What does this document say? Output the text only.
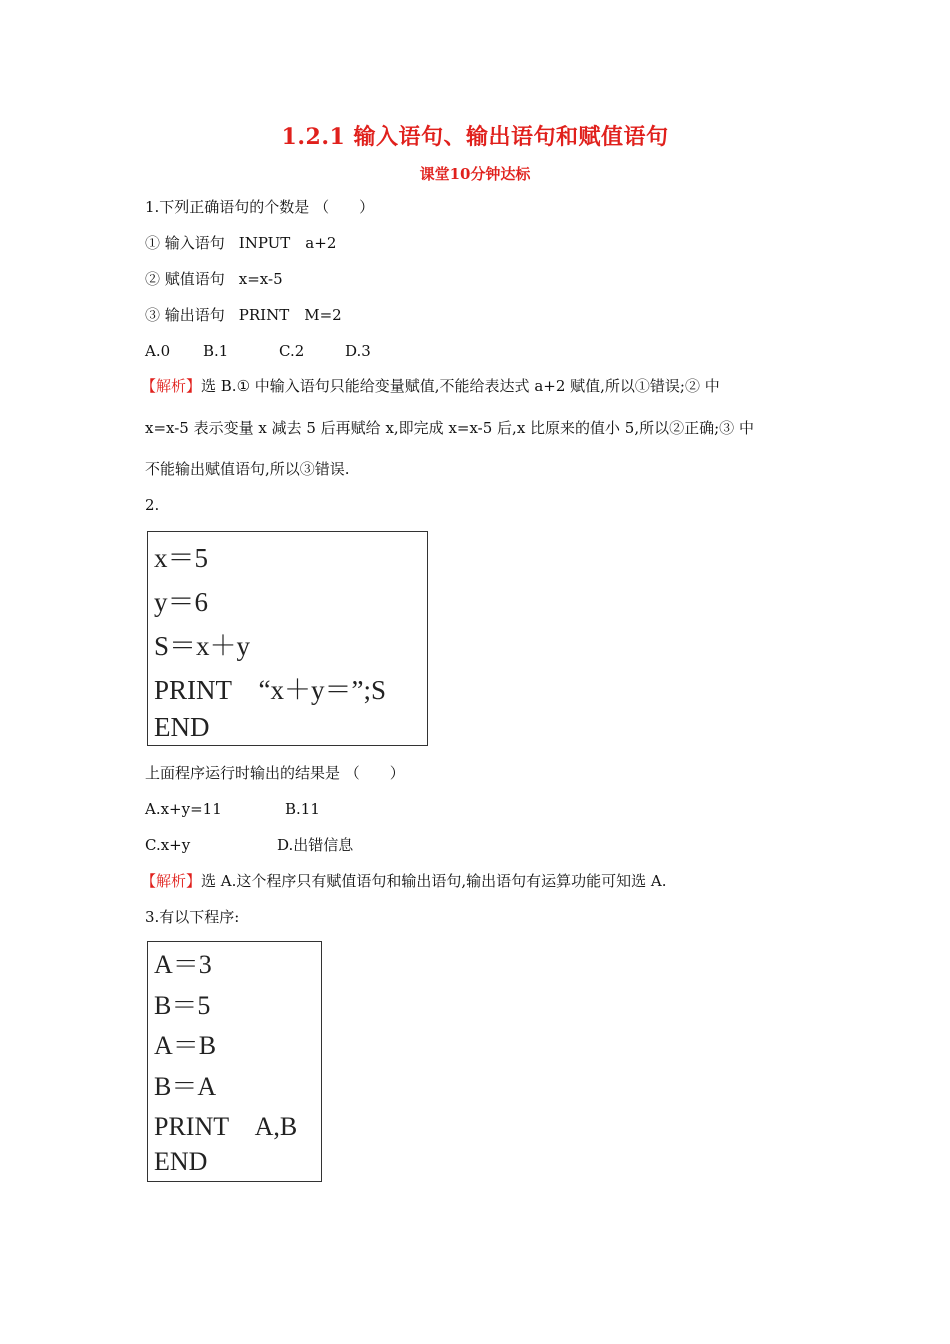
1.2.1 输入语句、输出语句和赋值语句
课堂10分钟达标
1.下列正确语句的个数是 （　　）
① 输入语句 INPUT　a+2
② 赋值语句 x=x-5
③ 输出语句 PRINT　M=2
A.0 B.1	C.2	D.3
【解析】选 B.① 中输入语句只能给变量赋值,不能给表达式 a+2 赋值,所以①错误;② 中
x=x-5 表示变量 x 减去 5 后再赋给 x,即完成 x=x-5 后,x 比原来的值小 5,所以②正确;③ 中
不能输出赋值语句,所以③错误.
2.
x＝5
y＝6
S＝x＋y
PRINT　“x＋y＝”;S
END
上面程序运行时输出的结果是 （　　）
A.x+y=11	B.11
C.x+y	D.出错信息
【解析】选 A.这个程序只有赋值语句和输出语句,输出语句有运算功能可知选 A.
3.有以下程序:
A＝3
B＝5
A＝B
B＝A
PRINT　A,B
END
